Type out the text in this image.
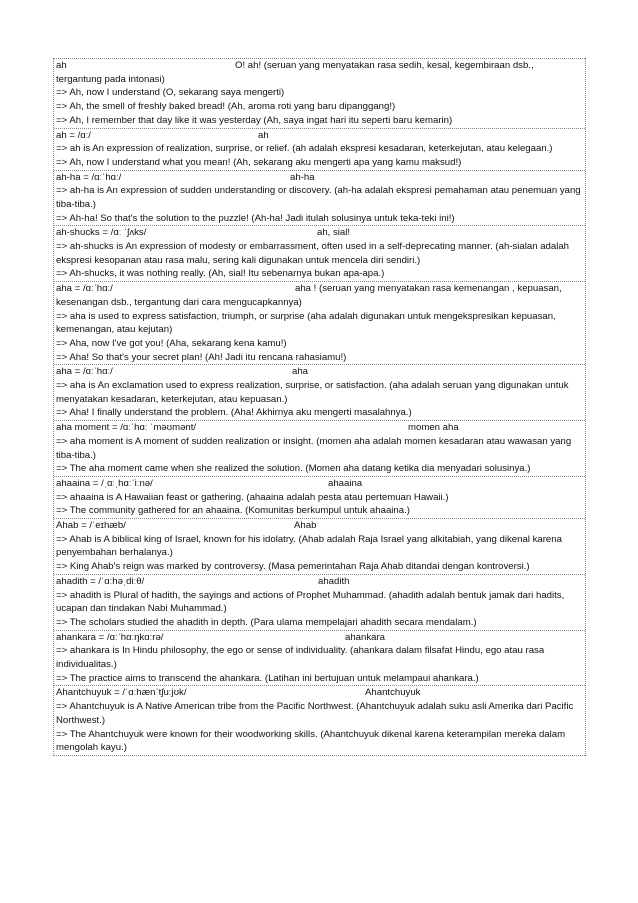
ah	O! ah! (seruan yang menyatakan rasa sedih, kesal, kegembiraan dsb.,
tergantung pada intonasi)
=> Ah, now I understand (O, sekarang saya mengerti)
=> Ah, the smell of freshly baked bread! (Ah, aroma roti yang baru dipanggang!)
=> Ah, I remember that day like it was yesterday (Ah, saya ingat hari itu seperti baru kemarin)
ah = /ɑː/	ah
=> ah is An expression of realization, surprise, or relief. (ah adalah ekspresi kesadaran, keterkejutan, atau kelegaan.)
=> Ah, now I understand what you mean! (Ah, sekarang aku mengerti apa yang kamu maksud!)
ah-ha = /ɑːˈhɑː/	ah-ha
=> ah-ha is An expression of sudden understanding or discovery. (ah-ha adalah ekspresi pemahaman atau penemuan yang tiba-tiba.)
=> Ah-ha! So that's the solution to the puzzle! (Ah-ha! Jadi itulah solusinya untuk teka-teki ini!)
ah-shucks = /ɑː ˈʃʌks/	ah, sial!
=> ah-shucks is An expression of modesty or embarrassment, often used in a self-deprecating manner. (ah-sialan adalah ekspresi kesopanan atau rasa malu, sering kali digunakan untuk mencela diri sendiri.)
=> Ah-shucks, it was nothing really. (Ah, sial! Itu sebenarnya bukan apa-apa.)
aha = /ɑːˈhɑː/	aha ! (seruan yang menyatakan rasa kemenangan , kepuasan,
kesenangan dsb., tergantung dari cara mengucapkannya)
=> aha is used to express satisfaction, triumph, or surprise (aha adalah digunakan untuk mengekspresikan kepuasan, kemenangan, atau kejutan)
=> Aha, now I've got you! (Aha, sekarang kena kamu!)
=> Aha! So that's your secret plan! (Ah! Jadi itu rencana rahasiamu!)
aha = /ɑːˈhɑː/	aha
=> aha is An exclamation used to express realization, surprise, or satisfaction. (aha adalah seruan yang digunakan untuk menyatakan kesadaran, keterkejutan, atau kepuasan.)
=> Aha! I finally understand the problem. (Aha! Akhirnya aku mengerti masalahnya.)
aha moment = /ɑːˈhɑː ˈməʊmənt/	momen aha
=> aha moment is A moment of sudden realization or insight. (momen aha adalah momen kesadaran atau wawasan yang tiba-tiba.)
=> The aha moment came when she realized the solution. (Momen aha datang ketika dia menyadari solusinya.)
ahaaina = /ˌɑːˌhɑːˈiːnə/	ahaaina
=> ahaaina is A Hawaiian feast or gathering. (ahaaina adalah pesta atau pertemuan Hawaii.)
=> The community gathered for an ahaaina. (Komunitas berkumpul untuk ahaaina.)
Ahab = /ˈeɪhæb/	Ahab
=> Ahab is A biblical king of Israel, known for his idolatry. (Ahab adalah Raja Israel yang alkitabiah, yang dikenal karena penyembahan berhalanya.)
=> King Ahab's reign was marked by controversy. (Masa pemerintahan Raja Ahab ditandai dengan kontroversi.)
ahadith = /ˈɑːhəˌdiːθ/	ahadith
=> ahadith is Plural of hadith, the sayings and actions of Prophet Muhammad. (ahadith adalah bentuk jamak dari hadits, ucapan dan tindakan Nabi Muhammad.)
=> The scholars studied the ahadith in depth. (Para ulama mempelajari ahadith secara mendalam.)
ahankara = /ɑːˈhɑːŋkɑːrə/	ahankara
=> ahankara is In Hindu philosophy, the ego or sense of individuality. (ahankara dalam filsafat Hindu, ego atau rasa individualitas.)
=> The practice aims to transcend the ahankara. (Latihan ini bertujuan untuk melampaui ahankara.)
Ahantchuyuk = /ˈɑːhænˈtʃuːjʊk/	Ahantchuyuk
=> Ahantchuyuk is A Native American tribe from the Pacific Northwest. (Ahantchuyuk adalah suku asli Amerika dari Pacific Northwest.)
=> The Ahantchuyuk were known for their woodworking skills. (Ahantchuyuk dikenal karena keterampilan mereka dalam mengolah kayu.)
